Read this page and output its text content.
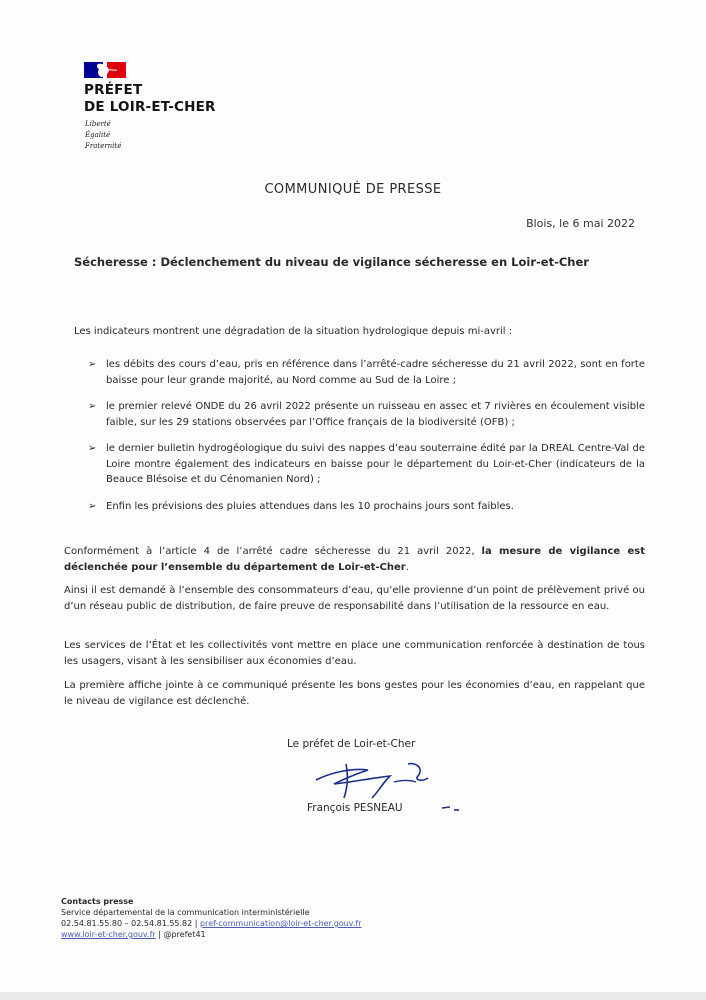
PRÉFET
DE LOIR-ET-CHER
Liberté
Égalité
Fraternité
COMMUNIQUÉ DE PRESSE
Blois, le 6 mai 2022
Sécheresse : Déclenchement du niveau de vigilance sécheresse en Loir-et-Cher
Les indicateurs montrent une dégradation de la situation hydrologique depuis mi-avril :
➢ les débits des cours d’eau, pris en référence dans l’arrêté-cadre sécheresse du 21 avril 2022, sont en forte baisse pour leur grande majorité, au Nord comme au Sud de la Loire ;
➢ le premier relevé ONDE du 26 avril 2022 présente un ruisseau en assec et 7 rivières en écoulement visible faible, sur les 29 stations observées par l’Office français de la biodiversité (OFB) ;
➢ le dernier bulletin hydrogéologique du suivi des nappes d’eau souterraine édité par la DREAL Centre-Val de Loire montre également des indicateurs en baisse pour le département du Loir-et-Cher (indicateurs de la Beauce Blésoise et du Cénomanien Nord) ;
➢ Enfin les prévisions des pluies attendues dans les 10 prochains jours sont faibles.
Conformément à l’article 4 de l’arrêté cadre sécheresse du 21 avril 2022, la mesure de vigilance est déclenchée pour l’ensemble du département de Loir-et-Cher.
Ainsi il est demandé à l’ensemble des consommateurs d’eau, qu’elle provienne d’un point de prélèvement privé ou d’un réseau public de distribution, de faire preuve de responsabilité dans l’utilisation de la ressource en eau.
Les services de l’État et les collectivités vont mettre en place une communication renforcée à destination de tous les usagers, visant à les sensibiliser aux économies d’eau.
La première affiche jointe à ce communiqué présente les bons gestes pour les économies d’eau, en rappelant que le niveau de vigilance est déclenché.
Le préfet de Loir-et-Cher
François PESNEAU
Contacts presse
Service départemental de la communication interministérielle
02.54.81.55.80 – 02.54.81.55.82 | pref-communication@loir-et-cher.gouv.fr
www.loir-et-cher.gouv.fr | @prefet41
